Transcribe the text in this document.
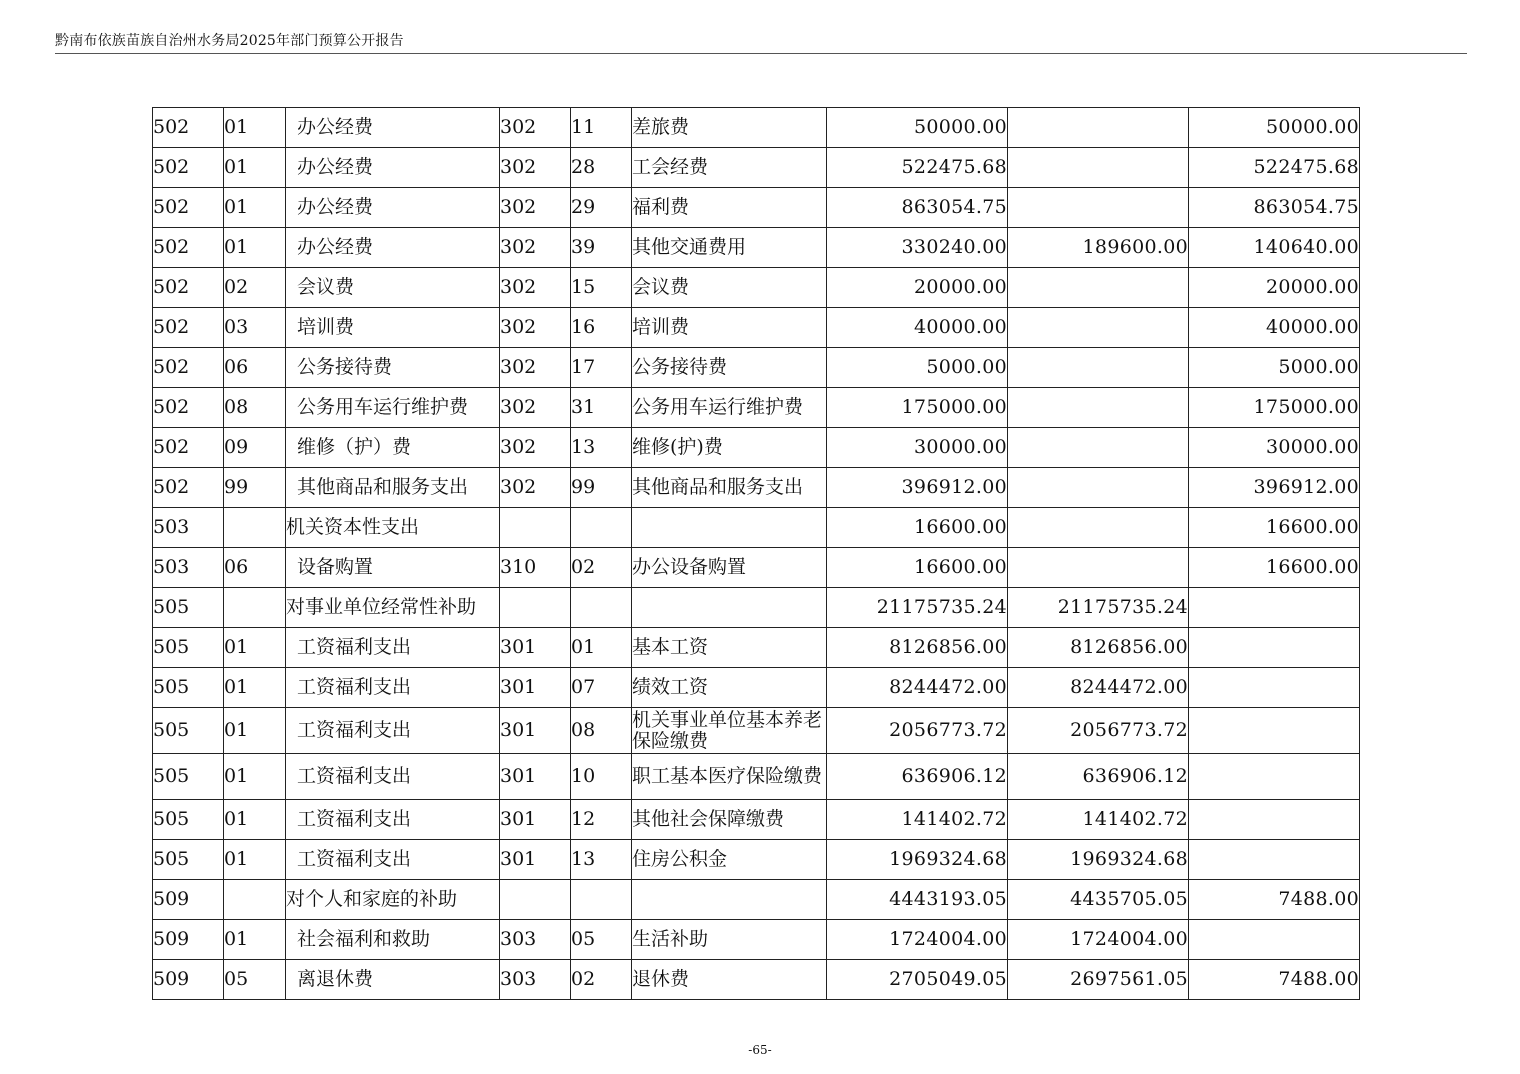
黔南布依族苗族自治州水务局2025年部门预算公开报告
502	01	办公经费	302	11	差旅费	50000.00		50000.00
502	01	办公经费	302	28	工会经费	522475.68		522475.68
502	01	办公经费	302	29	福利费	863054.75		863054.75
502	01	办公经费	302	39	其他交通费用	330240.00	189600.00	140640.00
502	02	会议费	302	15	会议费	20000.00		20000.00
502	03	培训费	302	16	培训费	40000.00		40000.00
502	06	公务接待费	302	17	公务接待费	5000.00		5000.00
502	08	公务用车运行维护费	302	31	公务用车运行维护费	175000.00		175000.00
502	09	维修（护）费	302	13	维修(护)费	30000.00		30000.00
502	99	其他商品和服务支出	302	99	其他商品和服务支出	396912.00		396912.00
503		机关资本性支出				16600.00		16600.00
503	06	设备购置	310	02	办公设备购置	16600.00		16600.00
505		对事业单位经常性补助				21175735.24	21175735.24	
505	01	工资福利支出	301	01	基本工资	8126856.00	8126856.00	
505	01	工资福利支出	301	07	绩效工资	8244472.00	8244472.00	
505	01	工资福利支出	301	08	机关事业单位基本养老保险缴费	2056773.72	2056773.72	
505	01	工资福利支出	301	10	职工基本医疗保险缴费	636906.12	636906.12	
505	01	工资福利支出	301	12	其他社会保障缴费	141402.72	141402.72	
505	01	工资福利支出	301	13	住房公积金	1969324.68	1969324.68	
509		对个人和家庭的补助				4443193.05	4435705.05	7488.00
509	01	社会福利和救助	303	05	生活补助	1724004.00	1724004.00	
509	05	离退休费	303	02	退休费	2705049.05	2697561.05	7488.00
-65-
